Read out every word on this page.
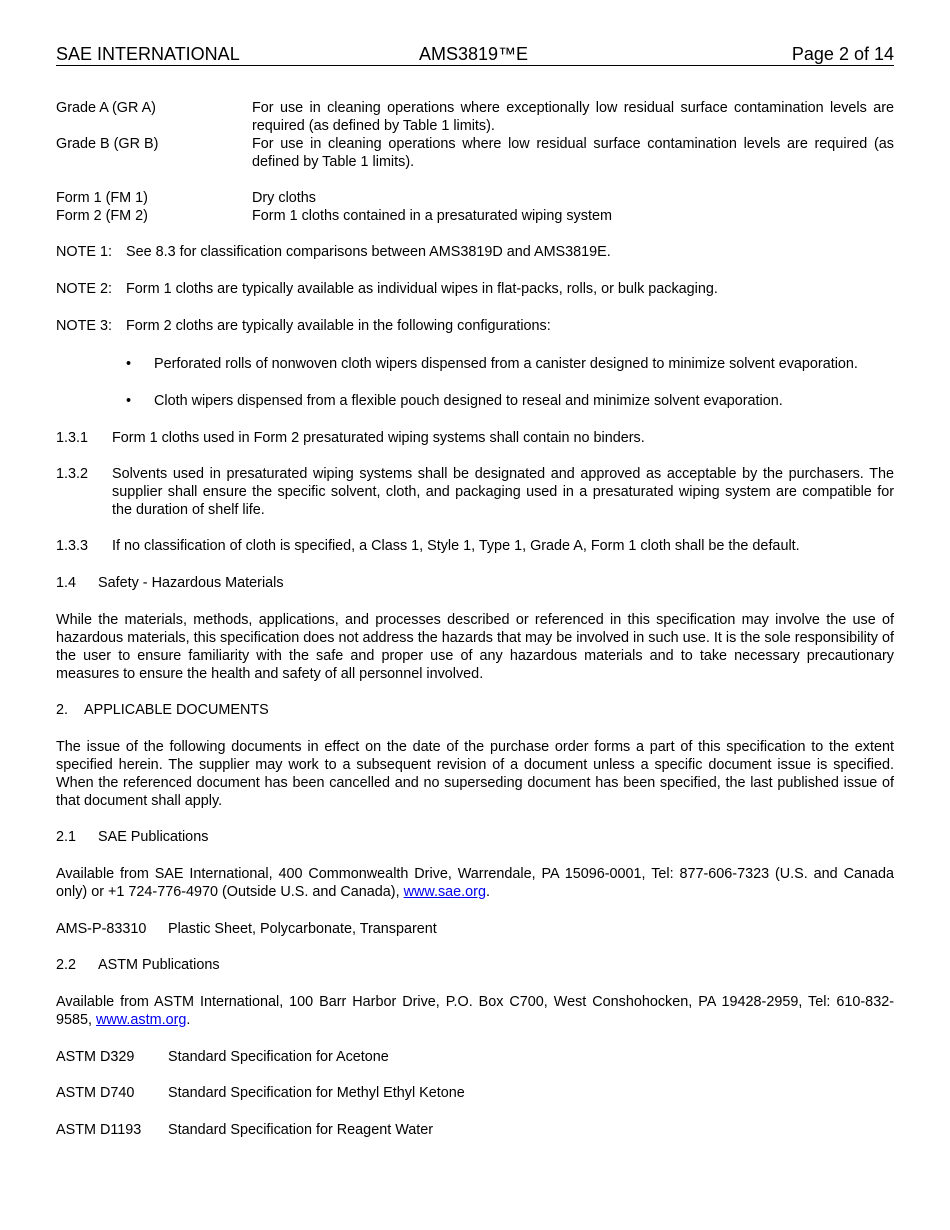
SAE INTERNATIONAL	AMS3819™E	Page 2 of 14
Grade A (GR A)	For use in cleaning operations where exceptionally low residual surface contamination levels are required (as defined by Table 1 limits).
Grade B (GR B)	For use in cleaning operations where low residual surface contamination levels are required (as defined by Table 1 limits).
Form 1 (FM 1)	Dry cloths
Form 2 (FM 2)	Form 1 cloths contained in a presaturated wiping system
NOTE 1: See 8.3 for classification comparisons between AMS3819D and AMS3819E.
NOTE 2: Form 1 cloths are typically available as individual wipes in flat-packs, rolls, or bulk packaging.
NOTE 3: Form 2 cloths are typically available in the following configurations:
•	Perforated rolls of nonwoven cloth wipers dispensed from a canister designed to minimize solvent evaporation.
•	Cloth wipers dispensed from a flexible pouch designed to reseal and minimize solvent evaporation.
1.3.1	Form 1 cloths used in Form 2 presaturated wiping systems shall contain no binders.
1.3.2	Solvents used in presaturated wiping systems shall be designated and approved as acceptable by the purchasers. The supplier shall ensure the specific solvent, cloth, and packaging used in a presaturated wiping system are compatible for the duration of shelf life.
1.3.3	If no classification of cloth is specified, a Class 1, Style 1, Type 1, Grade A, Form 1 cloth shall be the default.
1.4	Safety - Hazardous Materials
While the materials, methods, applications, and processes described or referenced in this specification may involve the use of hazardous materials, this specification does not address the hazards that may be involved in such use. It is the sole responsibility of the user to ensure familiarity with the safe and proper use of any hazardous materials and to take necessary precautionary measures to ensure the health and safety of all personnel involved.
2.	APPLICABLE DOCUMENTS
The issue of the following documents in effect on the date of the purchase order forms a part of this specification to the extent specified herein. The supplier may work to a subsequent revision of a document unless a specific document issue is specified. When the referenced document has been cancelled and no superseding document has been specified, the last published issue of that document shall apply.
2.1	SAE Publications
Available from SAE International, 400 Commonwealth Drive, Warrendale, PA 15096-0001, Tel: 877-606-7323 (U.S. and Canada only) or +1 724-776-4970 (Outside U.S. and Canada), www.sae.org.
AMS-P-83310	Plastic Sheet, Polycarbonate, Transparent
2.2	ASTM Publications
Available from ASTM International, 100 Barr Harbor Drive, P.O. Box C700, West Conshohocken, PA 19428-2959, Tel: 610-832-9585, www.astm.org.
ASTM D329	Standard Specification for Acetone
ASTM D740	Standard Specification for Methyl Ethyl Ketone
ASTM D1193	Standard Specification for Reagent Water
